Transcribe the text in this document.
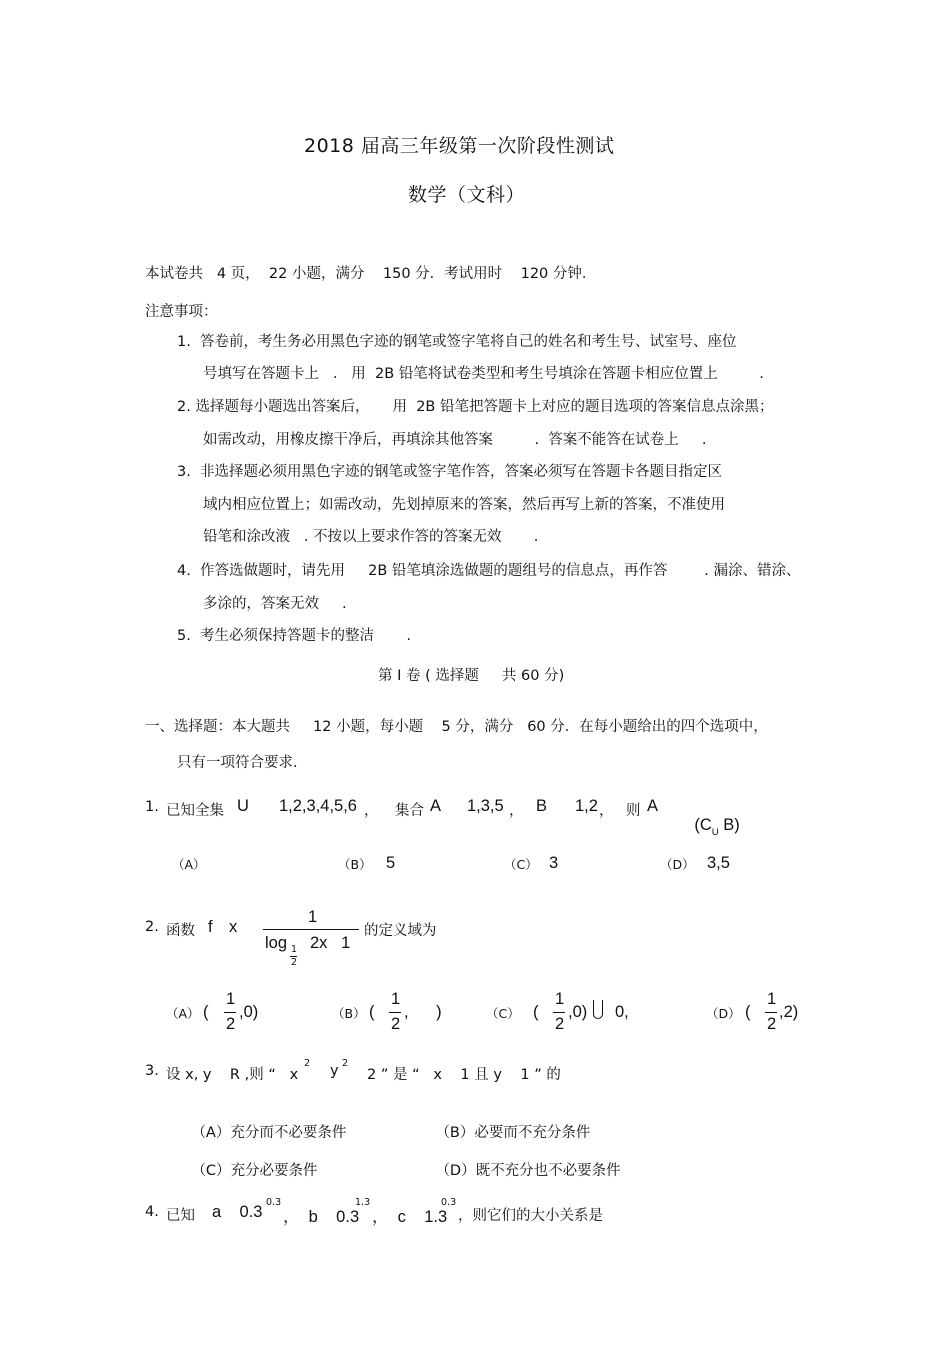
2018 届高三年级第一次阶段性测试
数学（文科）
本试卷共   4 页，  22 小题，满分    150 分．考试用时    120 分钟．
注意事项：
1.  答卷前，考生务必用黑色字迹的钢笔或签字笔将自己的姓名和考生号、试室号、座位
号填写在答题卡上   .   用  2B 铅笔将试卷类型和考生号填涂在答题卡相应位置上         .
2. 选择题每小题选出答案后，     用  2B 铅笔把答题卡上对应的题目选项的答案信息点涂黑；
如需改动，用橡皮擦干净后，再填涂其他答案         .  答案不能答在试卷上     .
3.  非选择题必须用黑色字迹的钢笔或签字笔作答，答案必须写在答题卡各题目指定区
域内相应位置上；如需改动，先划掉原来的答案，然后再写上新的答案，不准使用
铅笔和涂改液   . 不按以上要求作答的答案无效       .
4.  作答选做题时，请先用     2B 铅笔填涂选做题的题组号的信息点，再作答        . 漏涂、错涂、
多涂的，答案无效     .
5.  考生必须保持答题卡的整洁       .
第 I 卷 ( 选择题     共 60 分)
一、选择题：本大题共     12 小题，每小题    5 分，满分   60 分．在每小题给出的四个选项中，
只有一项符合要求.
1. 已知全集 U 1,2,3,4,5,6 ， 集合 A 1,3,5 ， B 1,2 ， 则 A

($C_U$ B)

（A）	（B） 5	（C） 3	（D） 3,5
2. 函数 f x
1
log 1
2
2x   1
的定义域为
（A） (
1
2
,0)	（B） (
1
2
,      )	（C） (
1
2
,0) 0,	（D） (
1
2
,2)
3. 设 x, y    R ,则 “   x
2 y 2
2 ” 是 “   x    1 且 y    1 ” 的

（A）充分而不必要条件
	（B）必要而不充分条件

（C）充分必要条件
	（D）既不充分也不必要条件

4. 已知 a    0.3
0.3
，  b    0.3
1.3
，  c    1.3
0.3
，则它们的大小关系是
